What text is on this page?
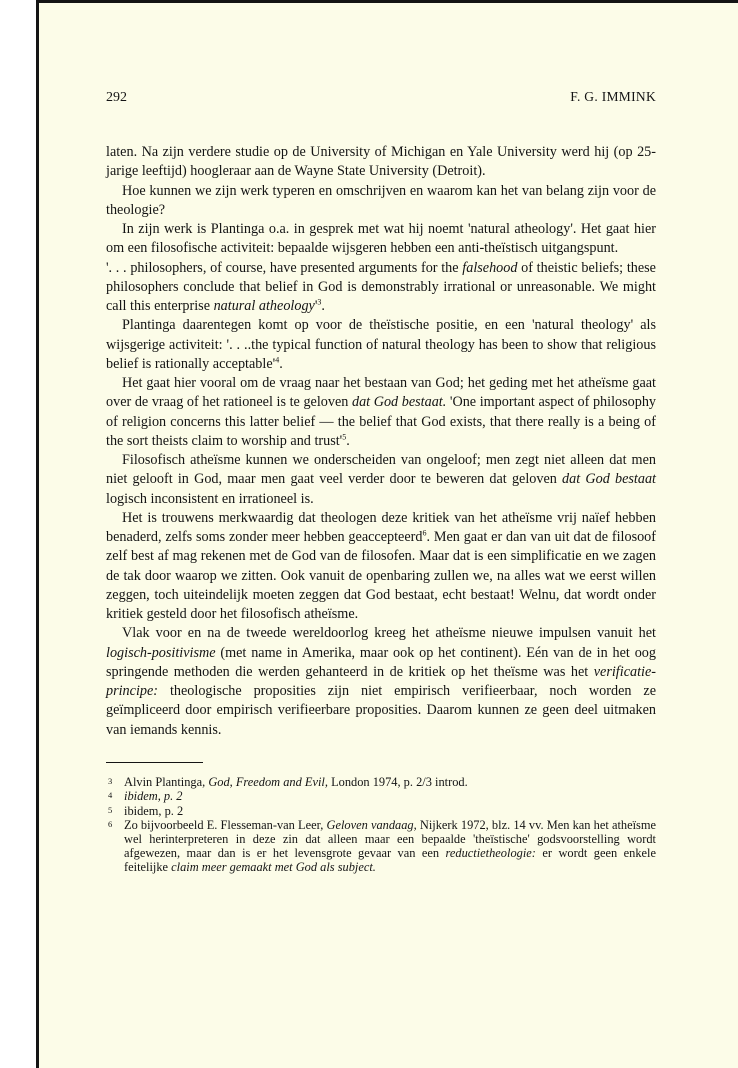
292	F. G. IMMINK

laten. Na zijn verdere studie op de University of Michigan en Yale University werd hij (op 25-jarige leeftijd) hoogleraar aan de Wayne State University (Detroit).

Hoe kunnen we zijn werk typeren en omschrijven en waarom kan het van belang zijn voor de theologie?

In zijn werk is Plantinga o.a. in gesprek met wat hij noemt 'natural atheology'. Het gaat hier om een filosofische activiteit: bepaalde wijsgeren hebben een anti-theïstisch uitgangspunt.

'. . . philosophers, of course, have presented arguments for the falsehood of theistic beliefs; these philosophers conclude that belief in God is demonstrably irrational or unreasonable. We might call this enterprise natural $atheology'^3$.

Plantinga daarentegen komt op voor de theïstische positie, en een 'natural theology' als wijsgerige activiteit: '. . ..the typical function of natural theology has been to show that religious belief is rationally $acceptable'^4$.

Het gaat hier vooral om de vraag naar het bestaan van God; het geding met het atheïsme gaat over de vraag of het rationeel is te geloven dat God bestaat. 'One important aspect of philosophy of religion concerns this latter belief — the belief that God exists, that there really is a being of the sort theists claim to worship and $trust'^5$.

Filosofisch atheïsme kunnen we onderscheiden van ongeloof; men zegt niet alleen dat men niet gelooft in God, maar men gaat veel verder door te beweren dat geloven dat God bestaat logisch inconsistent en irrationeel is.

Het is trouwens merkwaardig dat theologen deze kritiek van het atheïsme vrij naïef hebben benaderd, zelfs soms zonder meer hebben geaccepteerd$^6$. Men gaat er dan van uit dat de filosoof zelf best af mag rekenen met de God van de filosofen. Maar dat is een simplificatie en we zagen de tak door waarop we zitten. Ook vanuit de openbaring zullen we, na alles wat we eerst willen zeggen, toch uiteindelijk moeten zeggen dat God bestaat, echt bestaat! Welnu, dat wordt onder kritiek gesteld door het filosofisch atheïsme.

Vlak voor en na de tweede wereldoorlog kreeg het atheïsme nieuwe impulsen vanuit het logisch-positivisme (met name in Amerika, maar ook op het continent). Eén van de in het oog springende methoden die werden gehanteerd in de kritiek op het theïsme was het verificatie-principe: theologische proposities zijn niet empirisch verifieerbaar, noch worden ze geïmpliceerd door empirisch verifieerbare proposities. Daarom kunnen ze geen deel uitmaken van iemands kennis.

3 Alvin Plantinga, God, Freedom and Evil, London 1974, p. 2/3 introd.
4 ibidem, p. 2
5 ibidem, p. 2
6 Zo bijvoorbeeld E. Flesseman-van Leer, Geloven vandaag, Nijkerk 1972, blz. 14 vv. Men kan het atheïsme wel herinterpreteren in deze zin dat alleen maar een bepaalde 'theïstische' godsvoorstelling wordt afgewezen, maar dan is er het levensgrote gevaar van een reductietheologie: er wordt geen enkele feitelijke claim meer gemaakt met God als subject.
